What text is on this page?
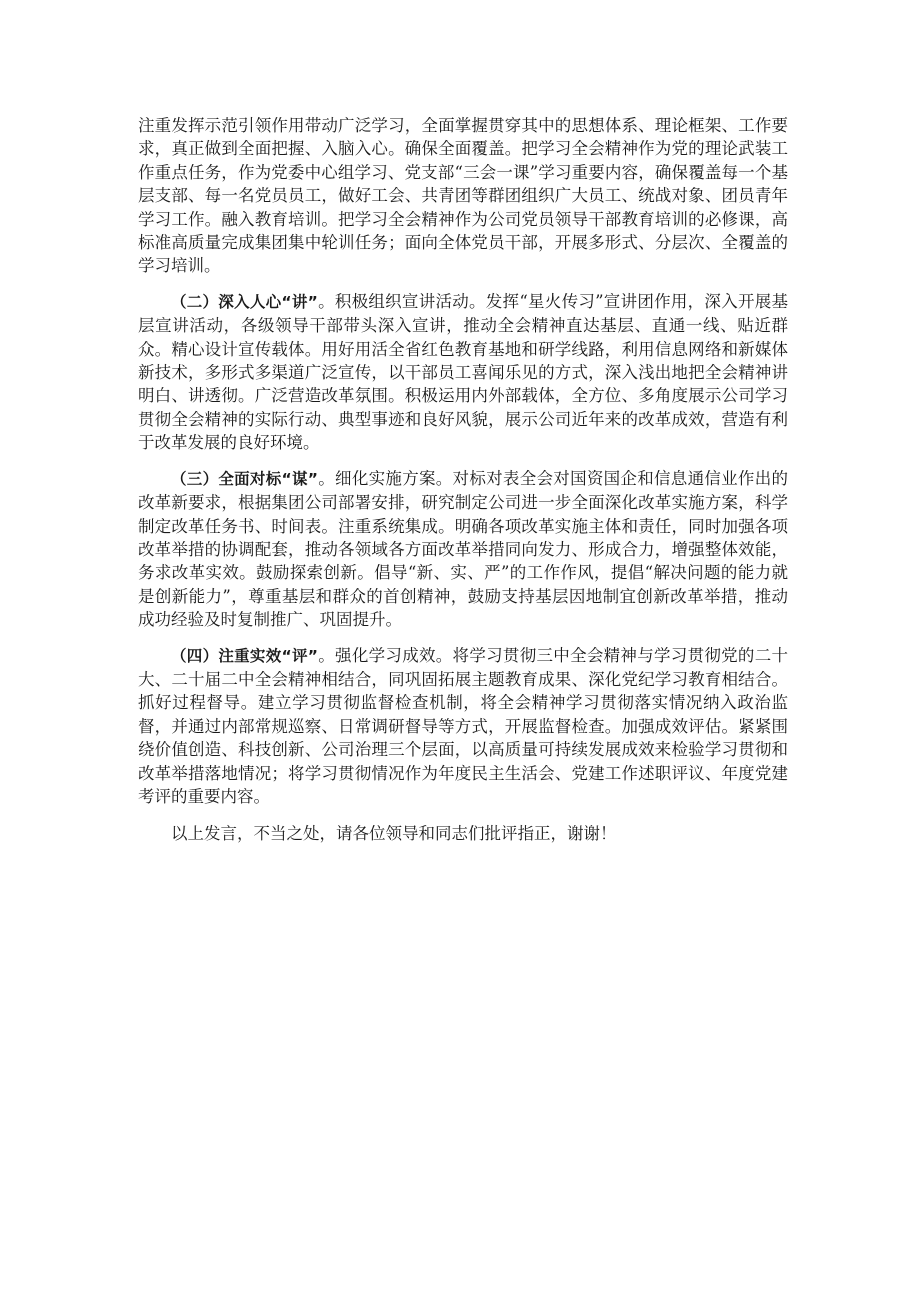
注重发挥示范引领作用带动广泛学习，全面掌握贯穿其中的思想体系、理论框架、工作要求，真正做到全面把握、入脑入心。确保全面覆盖。把学习全会精神作为党的理论武装工作重点任务，作为党委中心组学习、党支部“三会一课”学习重要内容，确保覆盖每一个基层支部、每一名党员员工，做好工会、共青团等群团组织广大员工、统战对象、团员青年学习工作。融入教育培训。把学习全会精神作为公司党员领导干部教育培训的必修课，高标准高质量完成集团集中轮训任务；面向全体党员干部，开展多形式、分层次、全覆盖的学习培训。

（二）深入人心“讲”。积极组织宣讲活动。发挥“星火传习”宣讲团作用，深入开展基层宣讲活动，各级领导干部带头深入宣讲，推动全会精神直达基层、直通一线、贴近群众。精心设计宣传载体。用好用活全省红色教育基地和研学线路，利用信息网络和新媒体新技术，多形式多渠道广泛宣传，以干部员工喜闻乐见的方式，深入浅出地把全会精神讲明白、讲透彻。广泛营造改革氛围。积极运用内外部载体，全方位、多角度展示公司学习贯彻全会精神的实际行动、典型事迹和良好风貌，展示公司近年来的改革成效，营造有利于改革发展的良好环境。

（三）全面对标“谋”。细化实施方案。对标对表全会对国资国企和信息通信业作出的改革新要求，根据集团公司部署安排，研究制定公司进一步全面深化改革实施方案，科学制定改革任务书、时间表。注重系统集成。明确各项改革实施主体和责任，同时加强各项改革举措的协调配套，推动各领域各方面改革举措同向发力、形成合力，增强整体效能，务求改革实效。鼓励探索创新。倡导“新、实、严”的工作作风，提倡“解决问题的能力就是创新能力”，尊重基层和群众的首创精神，鼓励支持基层因地制宜创新改革举措，推动成功经验及时复制推广、巩固提升。

（四）注重实效“评”。强化学习成效。将学习贯彻三中全会精神与学习贯彻党的二十大、二十届二中全会精神相结合，同巩固拓展主题教育成果、深化党纪学习教育相结合。抓好过程督导。建立学习贯彻监督检查机制，将全会精神学习贯彻落实情况纳入政治监督，并通过内部常规巡察、日常调研督导等方式，开展监督检查。加强成效评估。紧紧围绕价值创造、科技创新、公司治理三个层面，以高质量可持续发展成效来检验学习贯彻和改革举措落地情况；将学习贯彻情况作为年度民主生活会、党建工作述职评议、年度党建考评的重要内容。

以上发言，不当之处，请各位领导和同志们批评指正，谢谢！
